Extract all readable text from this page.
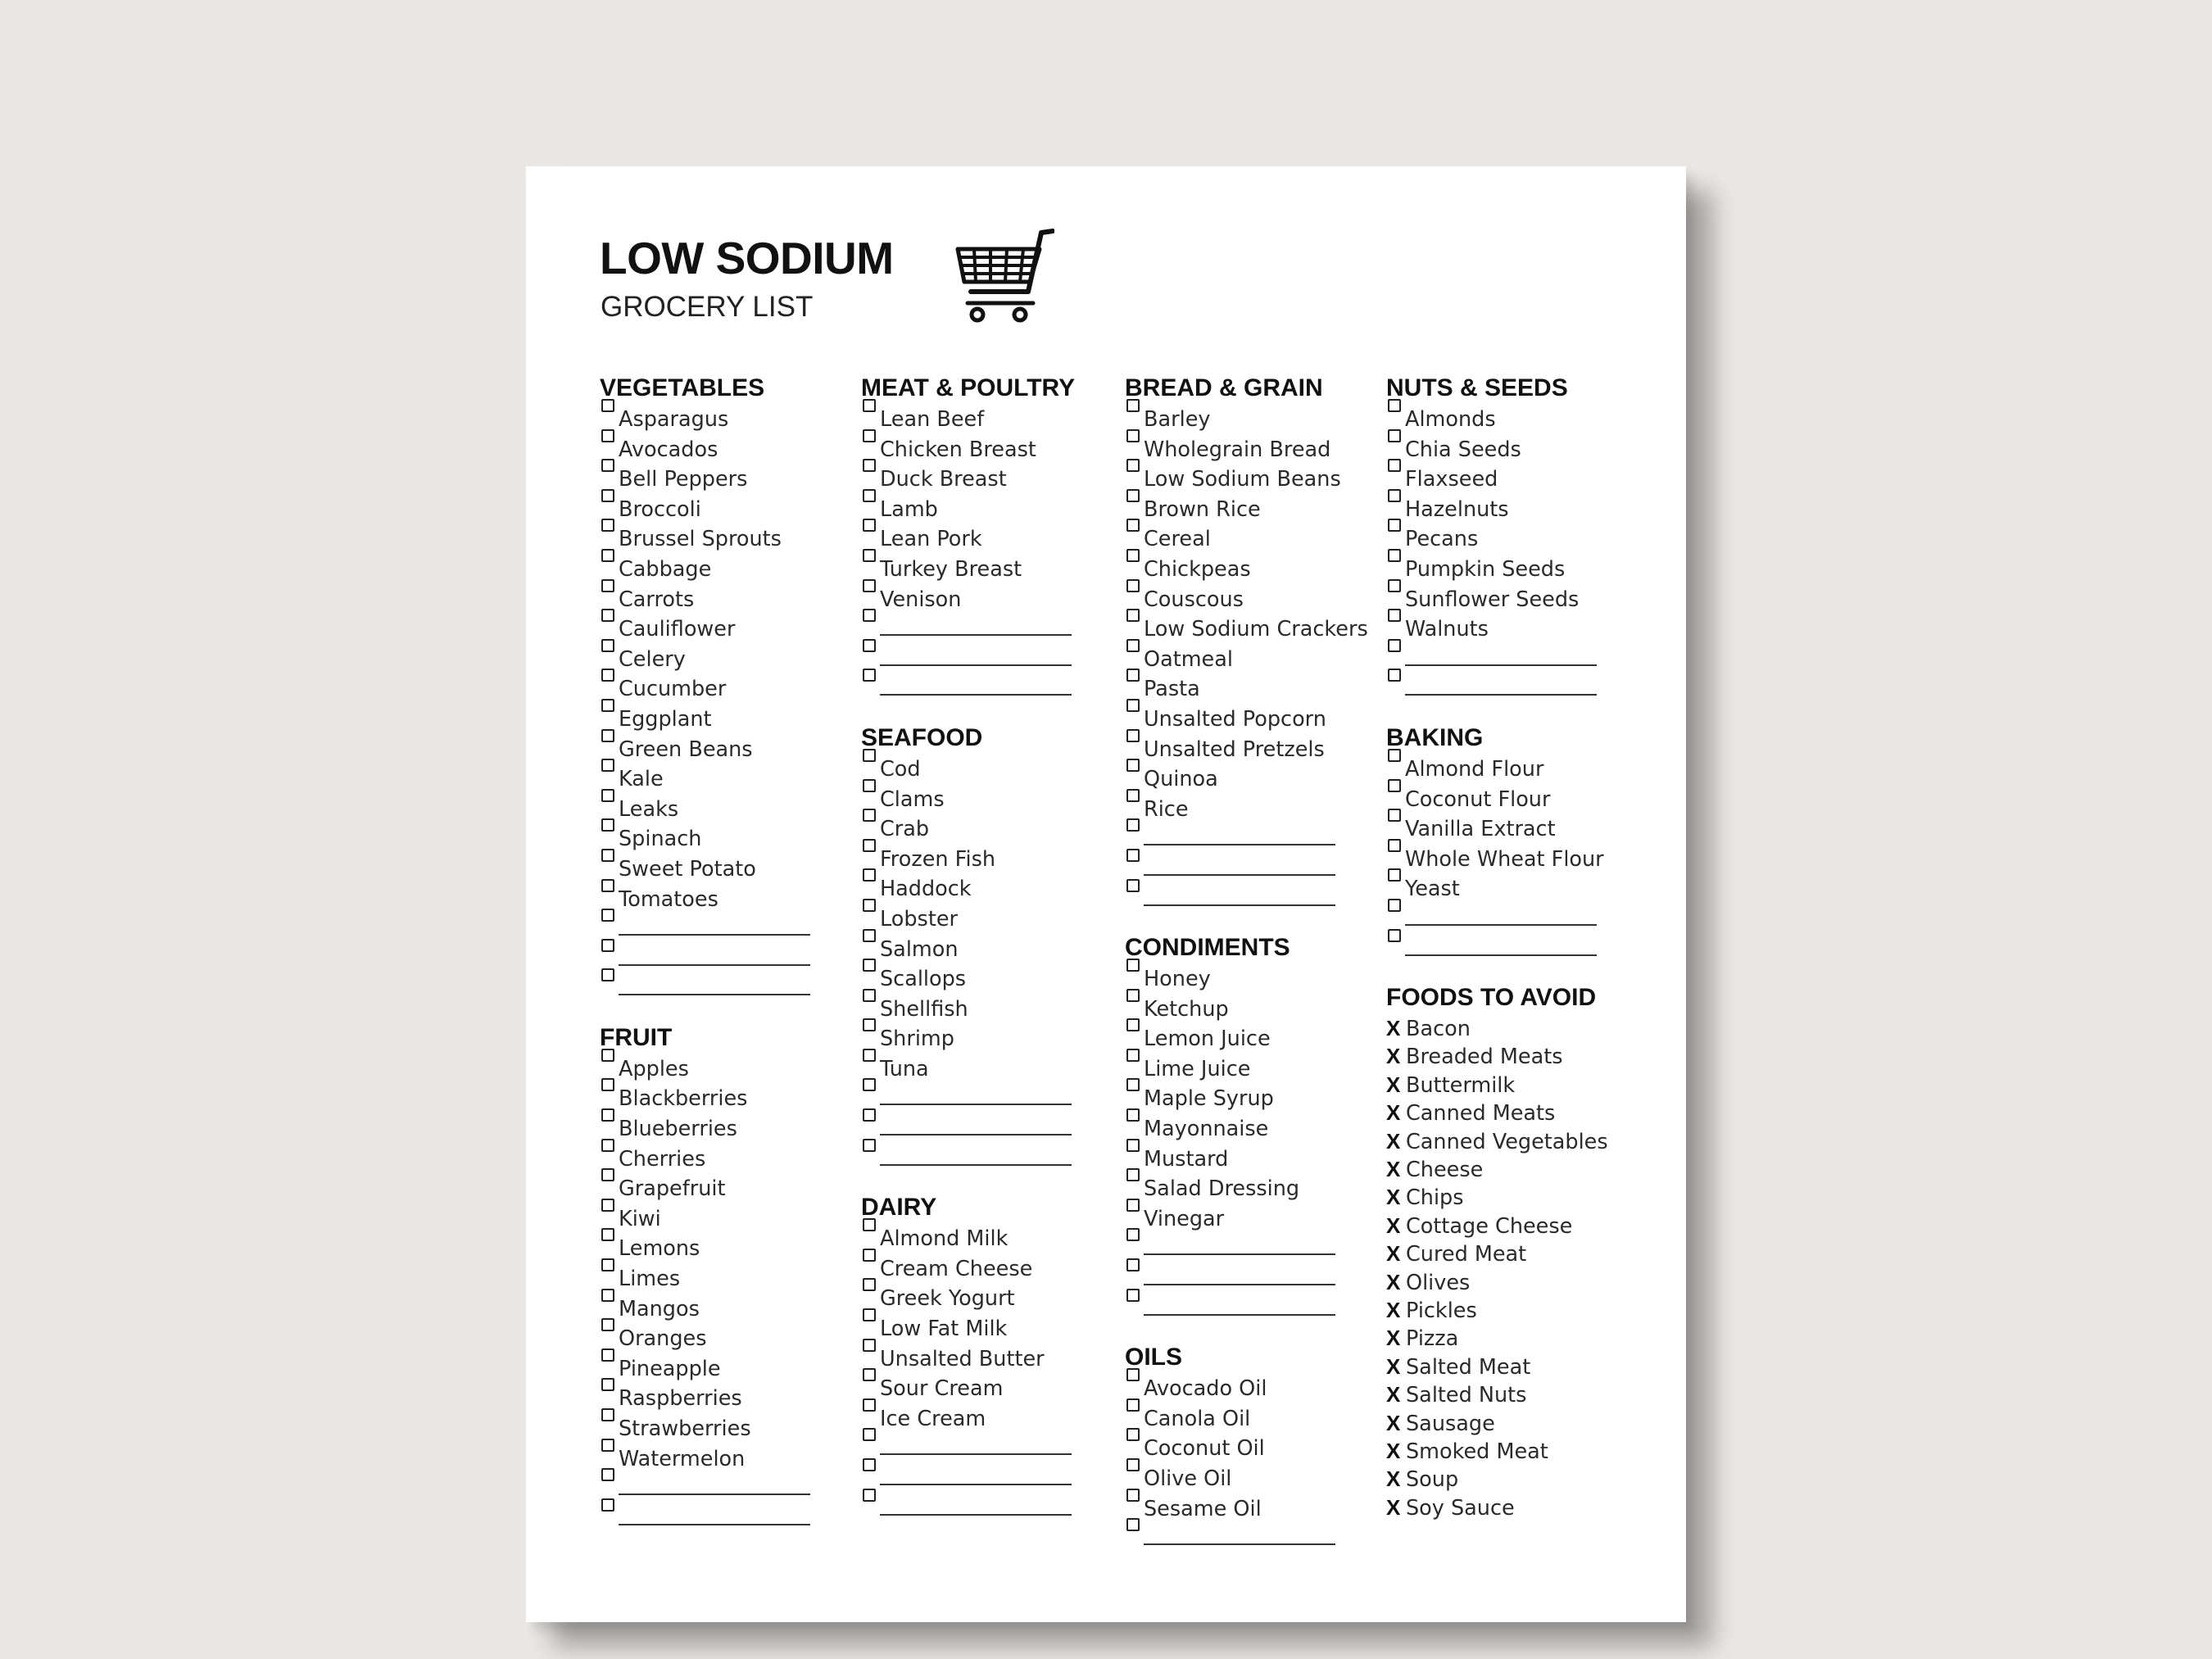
LOW SODIUM
GROCERY LIST
VEGETABLES
Asparagus
Avocados
Bell Peppers
Broccoli
Brussel Sprouts
Cabbage
Carrots
Cauliflower
Celery
Cucumber
Eggplant
Green Beans
Kale
Leaks
Spinach
Sweet Potato
Tomatoes
FRUIT
Apples
Blackberries
Blueberries
Cherries
Grapefruit
Kiwi
Lemons
Limes
Mangos
Oranges
Pineapple
Raspberries
Strawberries
Watermelon
MEAT & POULTRY
Lean Beef
Chicken Breast
Duck Breast
Lamb
Lean Pork
Turkey Breast
Venison
SEAFOOD
Cod
Clams
Crab
Frozen Fish
Haddock
Lobster
Salmon
Scallops
Shellfish
Shrimp
Tuna
DAIRY
Almond Milk
Cream Cheese
Greek Yogurt
Low Fat Milk
Unsalted Butter
Sour Cream
Ice Cream
BREAD & GRAIN
Barley
Wholegrain Bread
Low Sodium Beans
Brown Rice
Cereal
Chickpeas
Couscous
Low Sodium Crackers
Oatmeal
Pasta
Unsalted Popcorn
Unsalted Pretzels
Quinoa
Rice
CONDIMENTS
Honey
Ketchup
Lemon Juice
Lime Juice
Maple Syrup
Mayonnaise
Mustard
Salad Dressing
Vinegar
OILS
Avocado Oil
Canola Oil
Coconut Oil
Olive Oil
Sesame Oil
NUTS & SEEDS
Almonds
Chia Seeds
Flaxseed
Hazelnuts
Pecans
Pumpkin Seeds
Sunflower Seeds
Walnuts
BAKING
Almond Flour
Coconut Flour
Vanilla Extract
Whole Wheat Flour
Yeast
FOODS TO AVOID
X Bacon
X Breaded Meats
X Buttermilk
X Canned Meats
X Canned Vegetables
X Cheese
X Chips
X Cottage Cheese
X Cured Meat
X Olives
X Pickles
X Pizza
X Salted Meat
X Salted Nuts
X Sausage
X Smoked Meat
X Soup
X Soy Sauce
